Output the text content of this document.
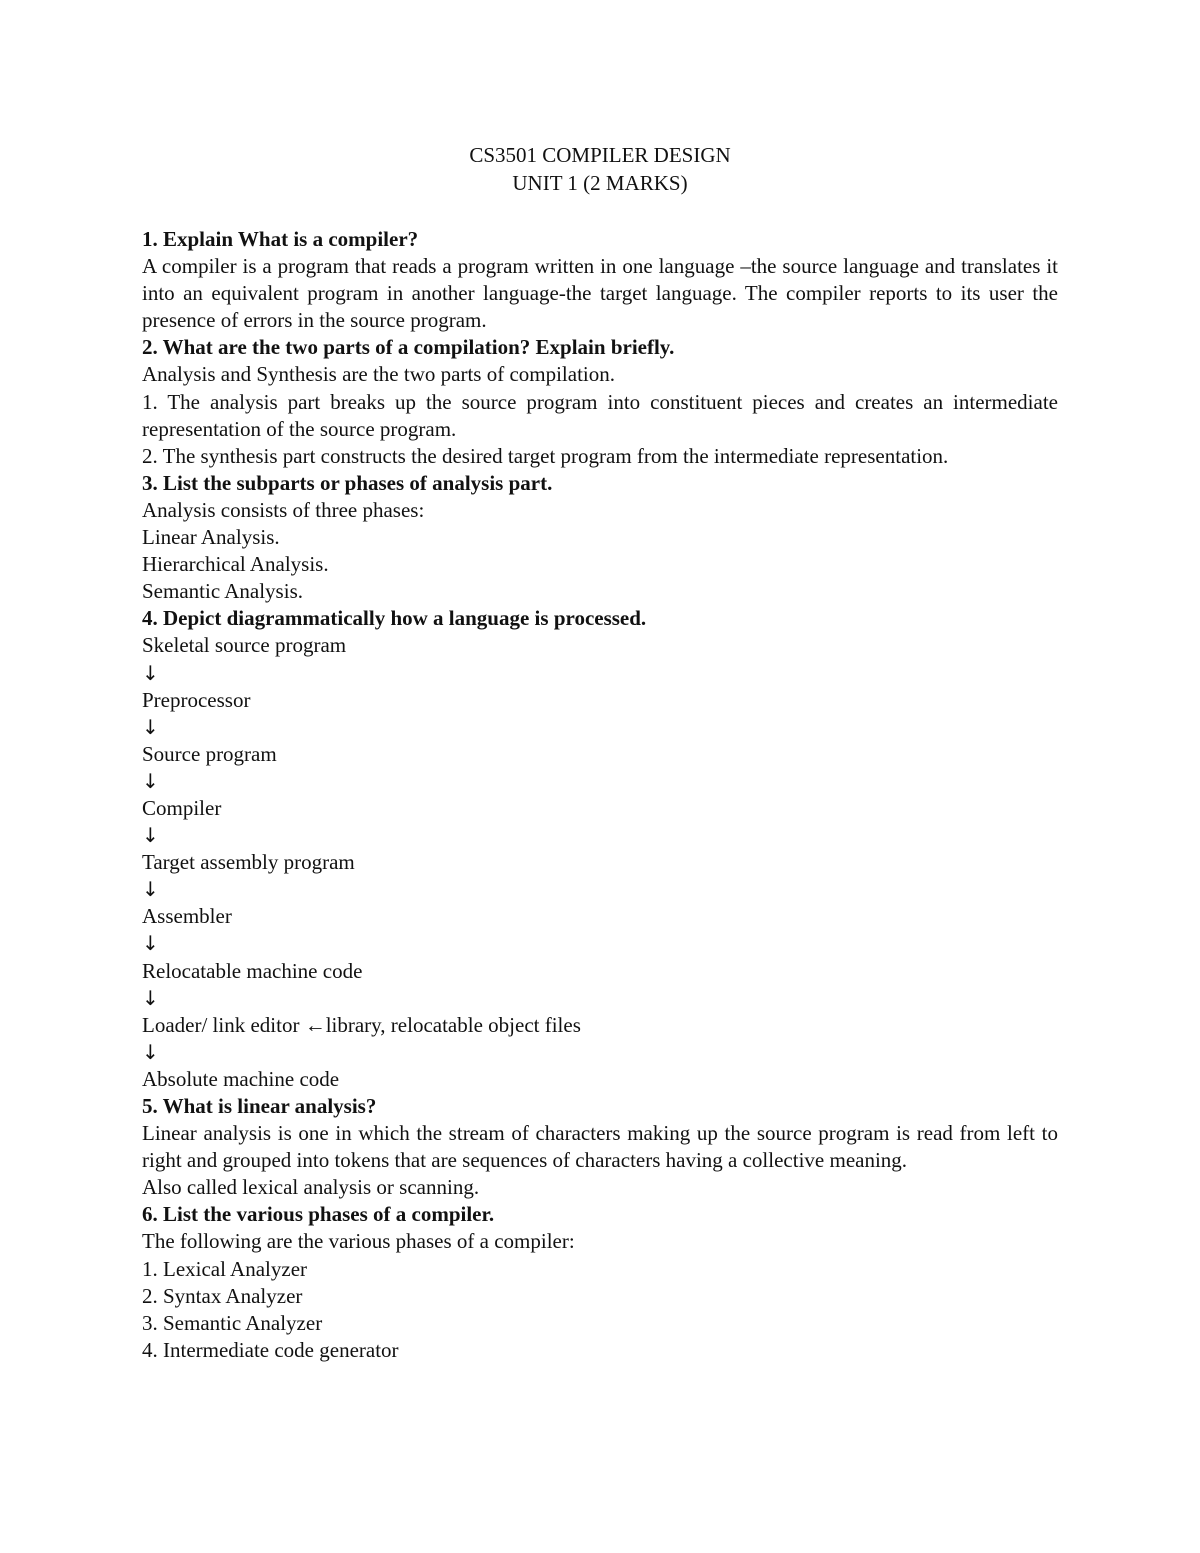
CS3501 COMPILER DESIGN

UNIT 1 (2 MARKS)

1. Explain What is a compiler?

A compiler is a program that reads a program written in one language –the source language and translates it into an equivalent program in another language-the target language. The compiler reports to its user the presence of errors in the source program.

2. What are the two parts of a compilation? Explain briefly.

Analysis and Synthesis are the two parts of compilation.

1. The analysis part breaks up the source program into constituent pieces and creates an intermediate representation of the source program.

2. The synthesis part constructs the desired target program from the intermediate representation.

3. List the subparts or phases of analysis part.

Analysis consists of three phases:

Linear Analysis.

Hierarchical Analysis.

Semantic Analysis.

4. Depict diagrammatically how a language is processed.

Skeletal source program

↓

Preprocessor

↓

Source program

↓

Compiler

↓

Target assembly program

↓

Assembler

↓

Relocatable machine code

↓

Loader/ link editor ←library, relocatable object files

↓

Absolute machine code

5. What is linear analysis?

Linear analysis is one in which the stream of characters making up the source program is read from left to right and grouped into tokens that are sequences of characters having a collective meaning.

Also called lexical analysis or scanning.

6. List the various phases of a compiler.

The following are the various phases of a compiler:

1. Lexical Analyzer

2. Syntax Analyzer

3. Semantic Analyzer

4. Intermediate code generator
